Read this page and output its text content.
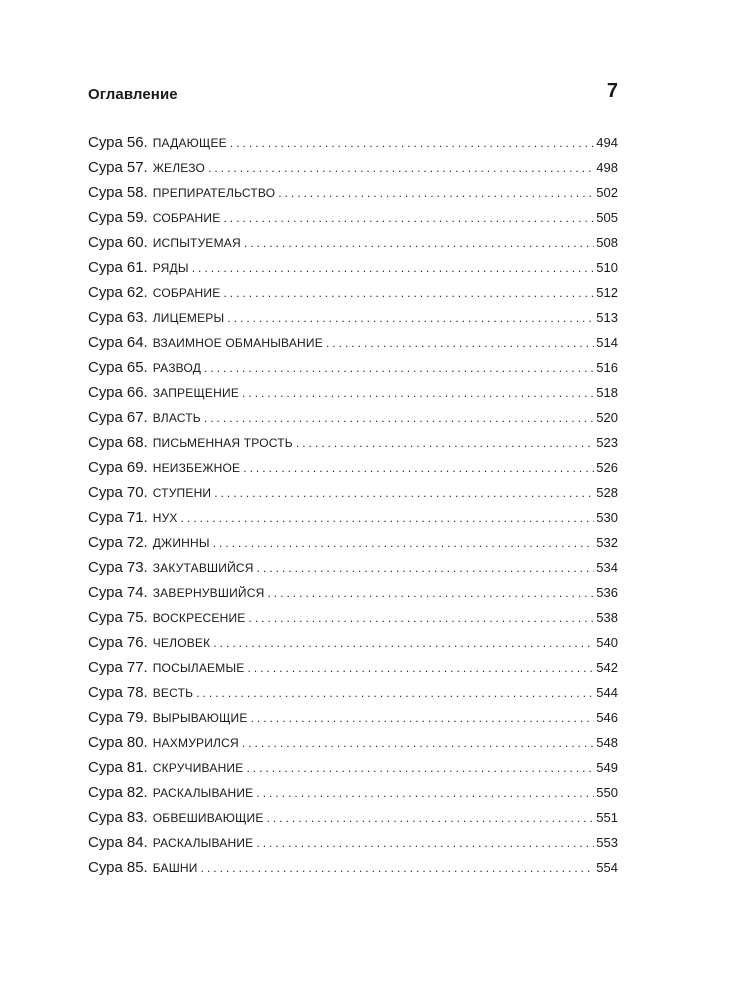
Оглавление	7
Сура 56. ПАДАЮЩЕЕ .....	494
Сура 57. ЖЕЛЕЗО .....	498
Сура 58. ПРЕПИРАТЕЛЬСТВО .....	502
Сура 59. СОБРАНИЕ .....	505
Сура 60. ИСПЫТУЕМАЯ .....	508
Сура 61. РЯДЫ .....	510
Сура 62. СОБРАНИЕ .....	512
Сура 63. ЛИЦЕМЕРЫ .....	513
Сура 64. ВЗАИМНОЕ ОБМАНЫВАНИЕ .....	514
Сура 65. РАЗВОД .....	516
Сура 66. ЗАПРЕЩЕНИЕ .....	518
Сура 67. ВЛАСТЬ .....	520
Сура 68. ПИСЬМЕННАЯ ТРОСТЬ .....	523
Сура 69. НЕИЗБЕЖНОЕ .....	526
Сура 70. СТУПЕНИ .....	528
Сура 71. НУХ .....	530
Сура 72. ДЖИННЫ .....	532
Сура 73. ЗАКУТАВШИЙСЯ .....	534
Сура 74. ЗАВЕРНУВШИЙСЯ .....	536
Сура 75. ВОСКРЕСЕНИЕ .....	538
Сура 76. ЧЕЛОВЕК .....	540
Сура 77. ПОСЫЛАЕМЫЕ .....	542
Сура 78. ВЕСТЬ .....	544
Сура 79. ВЫРЫВАЮЩИЕ .....	546
Сура 80. НАХМУРИЛСЯ .....	548
Сура 81. СКРУЧИВАНИЕ .....	549
Сура 82. РАСКАЛЫВАНИЕ .....	550
Сура 83. ОБВЕШИВАЮЩИЕ .....	551
Сура 84. РАСКАЛЫВАНИЕ .....	553
Сура 85. БАШНИ .....	554
